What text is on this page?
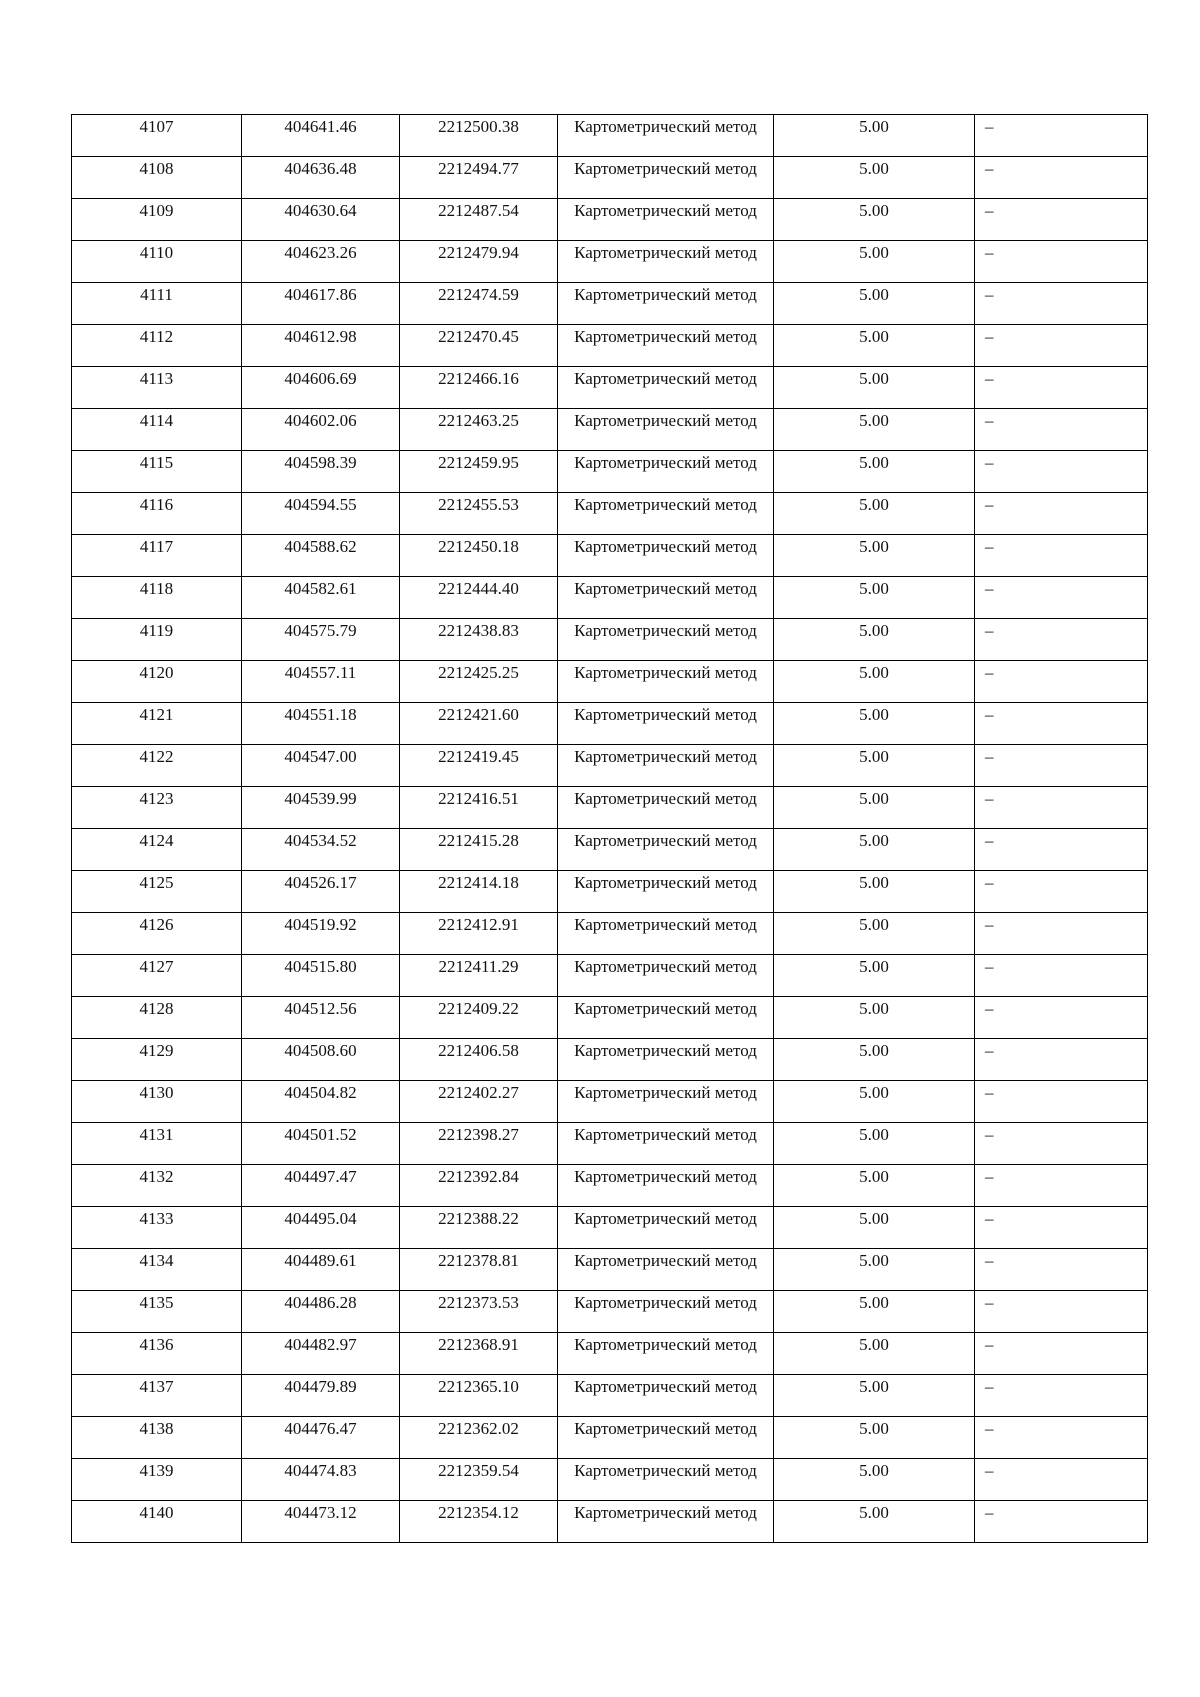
4107	404641.46	2212500.38	Картометрический метод	5.00	–
4108	404636.48	2212494.77	Картометрический метод	5.00	–
4109	404630.64	2212487.54	Картометрический метод	5.00	–
4110	404623.26	2212479.94	Картометрический метод	5.00	–
4111	404617.86	2212474.59	Картометрический метод	5.00	–
4112	404612.98	2212470.45	Картометрический метод	5.00	–
4113	404606.69	2212466.16	Картометрический метод	5.00	–
4114	404602.06	2212463.25	Картометрический метод	5.00	–
4115	404598.39	2212459.95	Картометрический метод	5.00	–
4116	404594.55	2212455.53	Картометрический метод	5.00	–
4117	404588.62	2212450.18	Картометрический метод	5.00	–
4118	404582.61	2212444.40	Картометрический метод	5.00	–
4119	404575.79	2212438.83	Картометрический метод	5.00	–
4120	404557.11	2212425.25	Картометрический метод	5.00	–
4121	404551.18	2212421.60	Картометрический метод	5.00	–
4122	404547.00	2212419.45	Картометрический метод	5.00	–
4123	404539.99	2212416.51	Картометрический метод	5.00	–
4124	404534.52	2212415.28	Картометрический метод	5.00	–
4125	404526.17	2212414.18	Картометрический метод	5.00	–
4126	404519.92	2212412.91	Картометрический метод	5.00	–
4127	404515.80	2212411.29	Картометрический метод	5.00	–
4128	404512.56	2212409.22	Картометрический метод	5.00	–
4129	404508.60	2212406.58	Картометрический метод	5.00	–
4130	404504.82	2212402.27	Картометрический метод	5.00	–
4131	404501.52	2212398.27	Картометрический метод	5.00	–
4132	404497.47	2212392.84	Картометрический метод	5.00	–
4133	404495.04	2212388.22	Картометрический метод	5.00	–
4134	404489.61	2212378.81	Картометрический метод	5.00	–
4135	404486.28	2212373.53	Картометрический метод	5.00	–
4136	404482.97	2212368.91	Картометрический метод	5.00	–
4137	404479.89	2212365.10	Картометрический метод	5.00	–
4138	404476.47	2212362.02	Картометрический метод	5.00	–
4139	404474.83	2212359.54	Картометрический метод	5.00	–
4140	404473.12	2212354.12	Картометрический метод	5.00	–
